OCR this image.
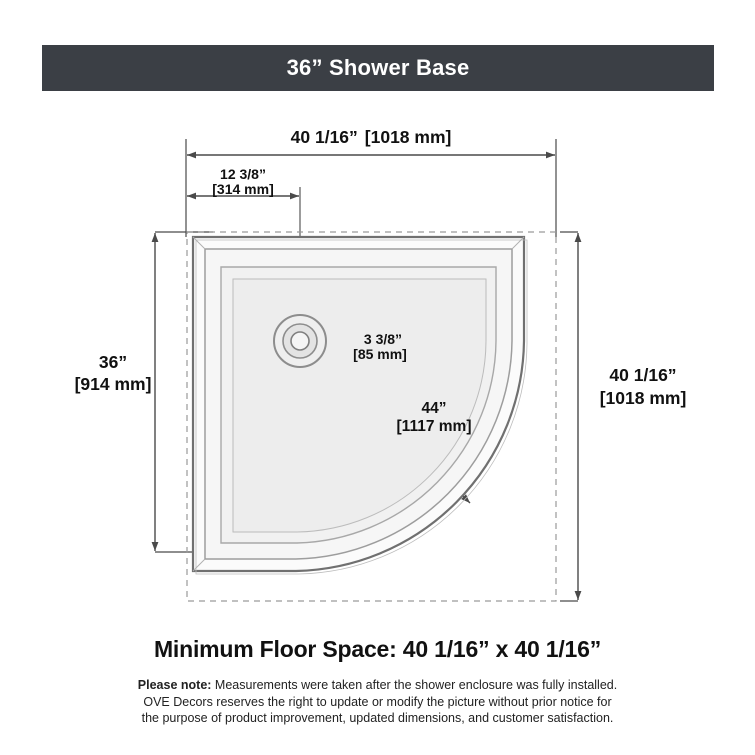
36” Shower Base
40 1/16” [1018 mm]
12 3/8”
[314 mm]
36”
[914 mm]	40 1/16”
[1018 mm]
3 3/8”
[85 mm]
44”
[1117 mm]
Minimum Floor Space: 40 1/16” x 40 1/16”
Please note: Measurements were taken after the shower enclosure was fully installed.
OVE Decors reserves the right to update or modify the picture without prior notice for
the purpose of product improvement, updated dimensions, and customer satisfaction.
